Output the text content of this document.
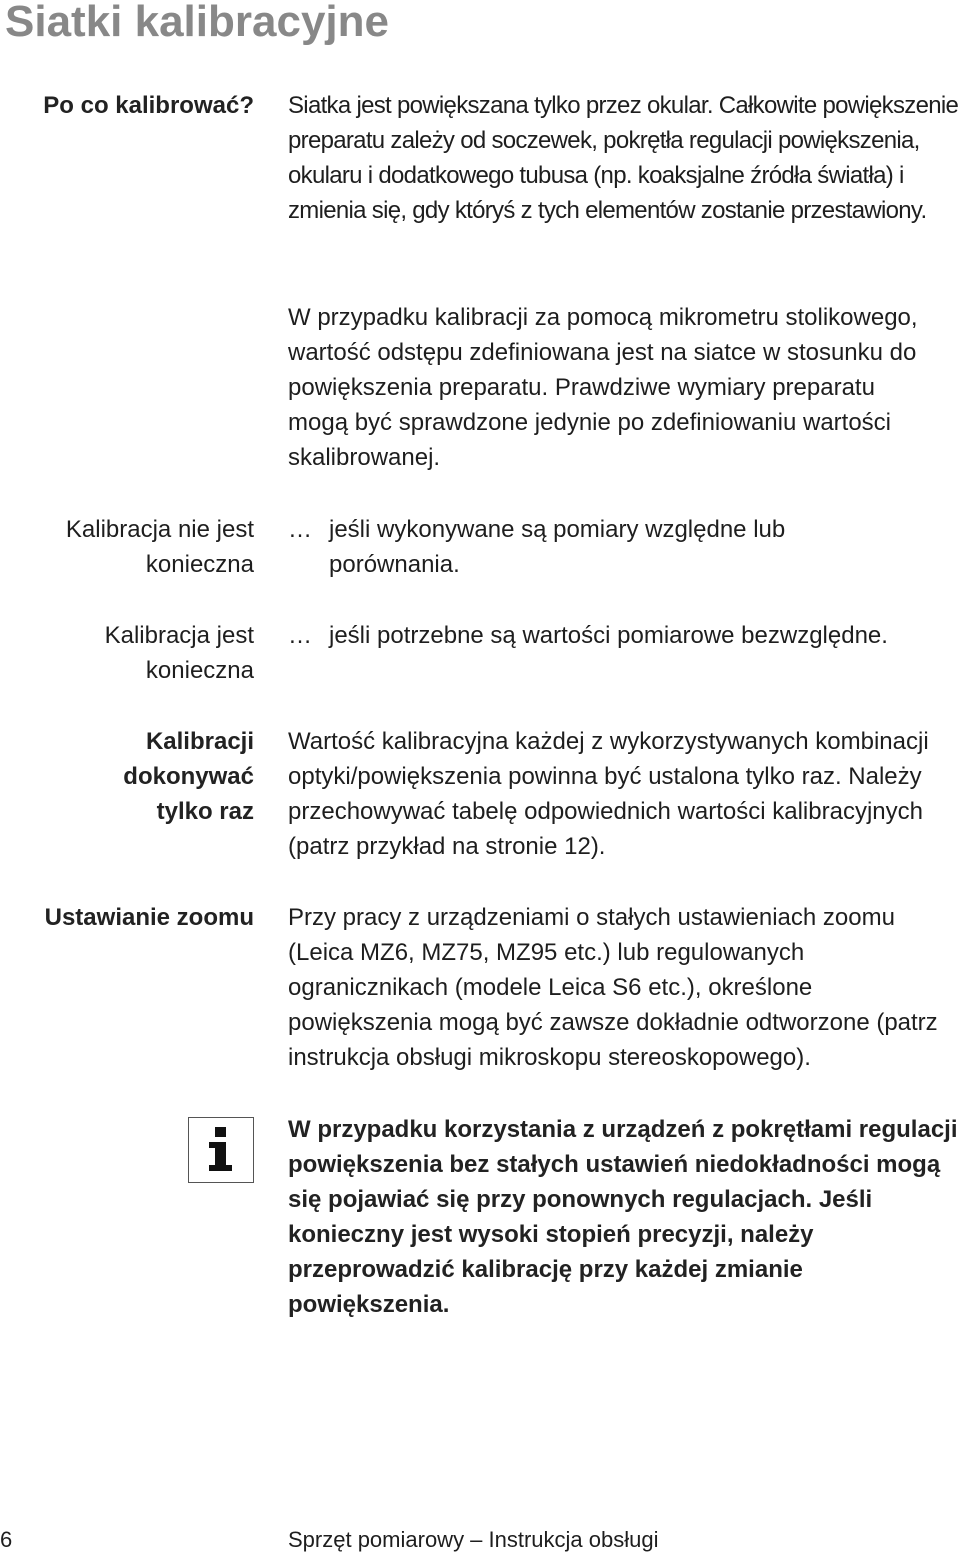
Siatki kalibracyjne
Po co kalibrować? Siatka jest powiększana tylko przez okular. Całkowite powiększenie preparatu zależy od soczewek, pokrętła regulacji powiększenia, okularu i dodatkowego tubusa (np. koaksjalne źródła światła) i zmienia się, gdy któryś z tych elementów zostanie przestawiony.

W przypadku kalibracji za pomocą mikrometru stolikowego, wartość odstępu zdefiniowana jest na siatce w stosunku do powiększenia preparatu. Prawdziwe wymiary preparatu mogą być sprawdzone jedynie po zdefiniowaniu wartości skalibrowanej.

Kalibracja nie jest konieczna
… jeśli wykonywane są pomiary względne lub porównania.
Kalibracja jest konieczna
… jeśli potrzebne są wartości pomiarowe bezwzględne.
Kalibracji dokonywać tylko raz

Wartość kalibracyjna każdej z wykorzystywanych kombinacji optyki/powiększenia powinna być ustalona tylko raz. Należy przechowywać tabelę odpowiednich wartości kalibracyjnych (patrz przykład na stronie 12).

Ustawianie zoomu Przy pracy z urządzeniami o stałych ustawieniach zoomu (Leica MZ6, MZ75, MZ95 etc.) lub regulowanych ogranicznikach (modele Leica S6 etc.), określone powiększenia mogą być zawsze dokładnie odtworzone (patrz instrukcja obsługi mikroskopu stereoskopowego).

W przypadku korzystania z urządzeń z pokrętłami regulacji powiększenia bez stałych ustawień niedokładności mogą się pojawiać się przy ponownych regulacjach. Jeśli konieczny jest wysoki stopień precyzji, należy przeprowadzić kalibrację przy każdej zmianie powiększenia.

6	Sprzęt pomiarowy – Instrukcja obsługi
